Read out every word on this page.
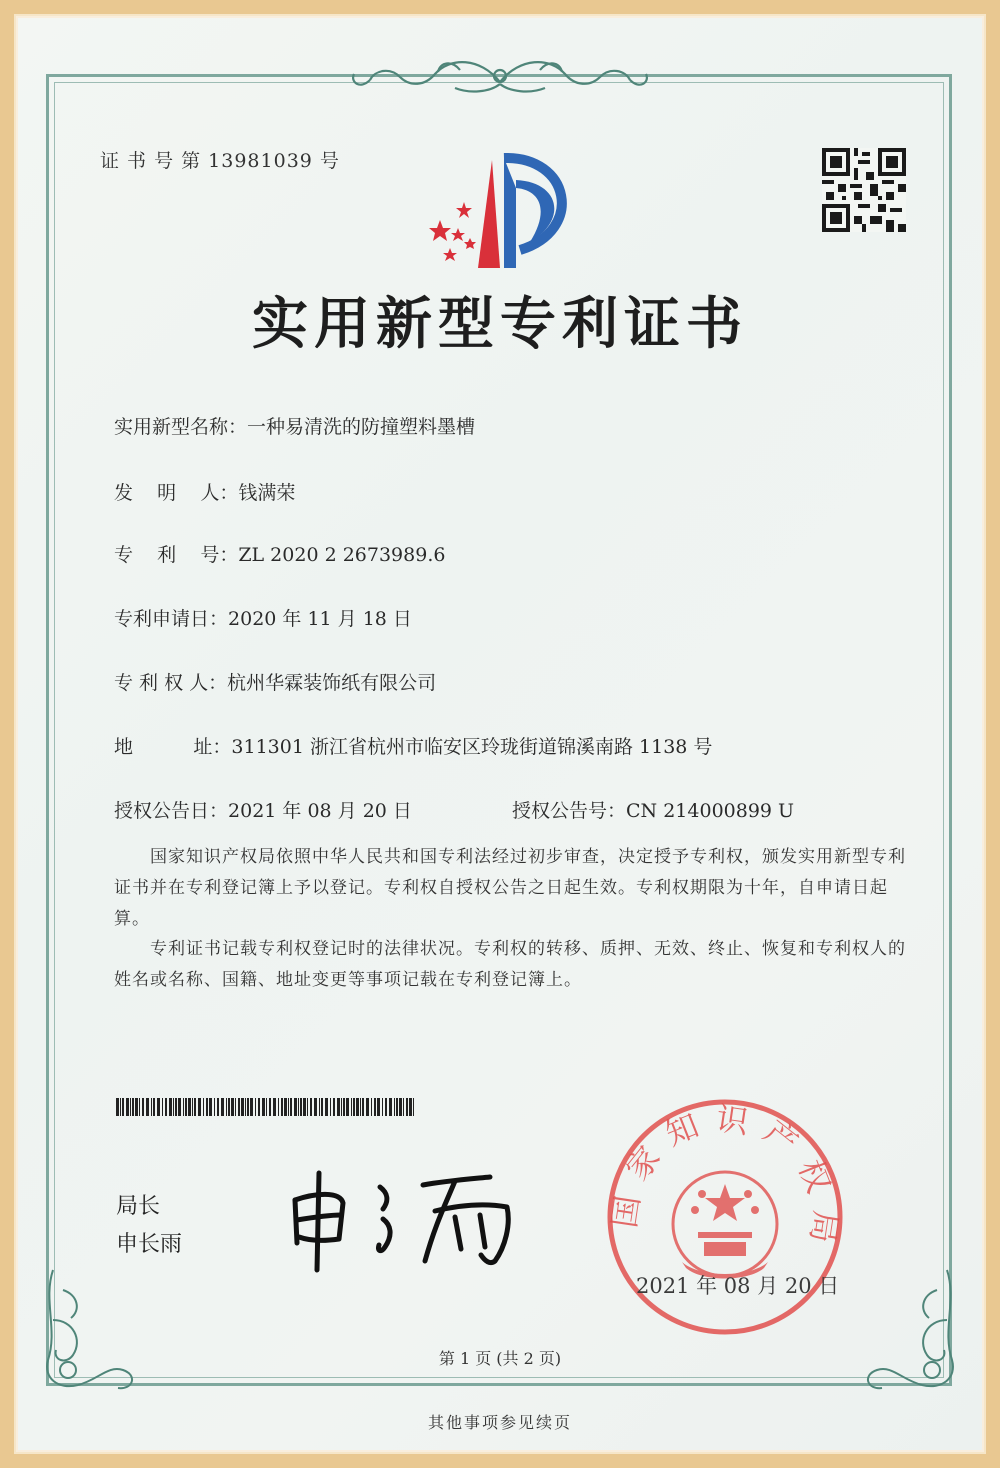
证 书 号 第 13981039 号
实用新型专利证书
实用新型名称：一种易清洗的防撞塑料墨槽
发    明    人：钱满荣
专    利    号：ZL 2020 2 2673989.6
专利申请日：2020 年 11 月 18 日
专 利 权 人：杭州华霖装饰纸有限公司
地          址：311301 浙江省杭州市临安区玲珑街道锦溪南路 1138 号
授权公告日：2021 年 08 月 20 日	授权公告号：CN 214000899 U
国家知识产权局依照中华人民共和国专利法经过初步审查，决定授予专利权，颁发实用新型专利证书并在专利登记簿上予以登记。专利权自授权公告之日起生效。专利权期限为十年，自申请日起算。
专利证书记载专利权登记时的法律状况。专利权的转移、质押、无效、终止、恢复和专利权人的姓名或名称、国籍、地址变更等事项记载在专利登记簿上。
局长
申长雨
国家知识产权局
2021 年 08 月 20 日
第 1 页 (共 2 页)
其他事项参见续页
